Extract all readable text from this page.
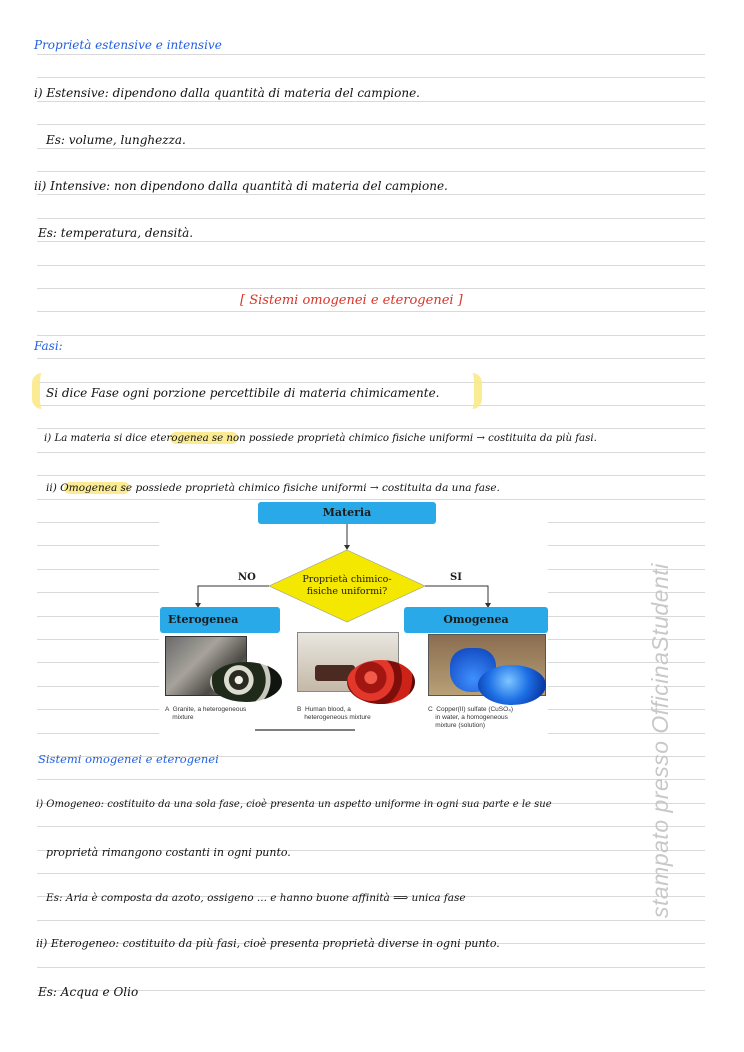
Proprietà estensive e intensive
i) Estensive: dipendono dalla quantità di materia del campione.
Es: volume, lunghezza.
ii) Intensive: non dipendono dalla quantità di materia del campione.
Es: temperatura, densità.
[ Sistemi omogenei e eterogenei ]
Fasi:
Si dice Fase ogni porzione percettibile di materia chimicamente.
i) La materia si dice eterogenea se non possiede proprietà chimico fisiche uniformi → costituita da più fasi.
ii) Omogenea se possiede proprietà chimico fisiche uniformi → costituita da una fase.
Materia
Proprietà chimico-fisiche uniformi?
NO	SI
Eterogenea	Omogenea
A  Granite, a heterogeneous
mixture
B  Human blood, a
heterogeneous mixture
C  Copper(II) sulfate (CuSO₄)
in water, a homogeneous
mixture (solution)
Sistemi omogenei e eterogenei
i) Omogeneo: costituito da una sola fase, cioè presenta un aspetto uniforme in ogni sua parte e le sue
proprietà rimangono costanti in ogni punto.
Es: Aria è composta da azoto, ossigeno ... e hanno buone affinità ⟹ unica fase
ii) Eterogeneo: costituito da più fasi, cioè presenta proprietà diverse in ogni punto.
Es: Acqua e Olio
stampato presso OfficinaStudenti
